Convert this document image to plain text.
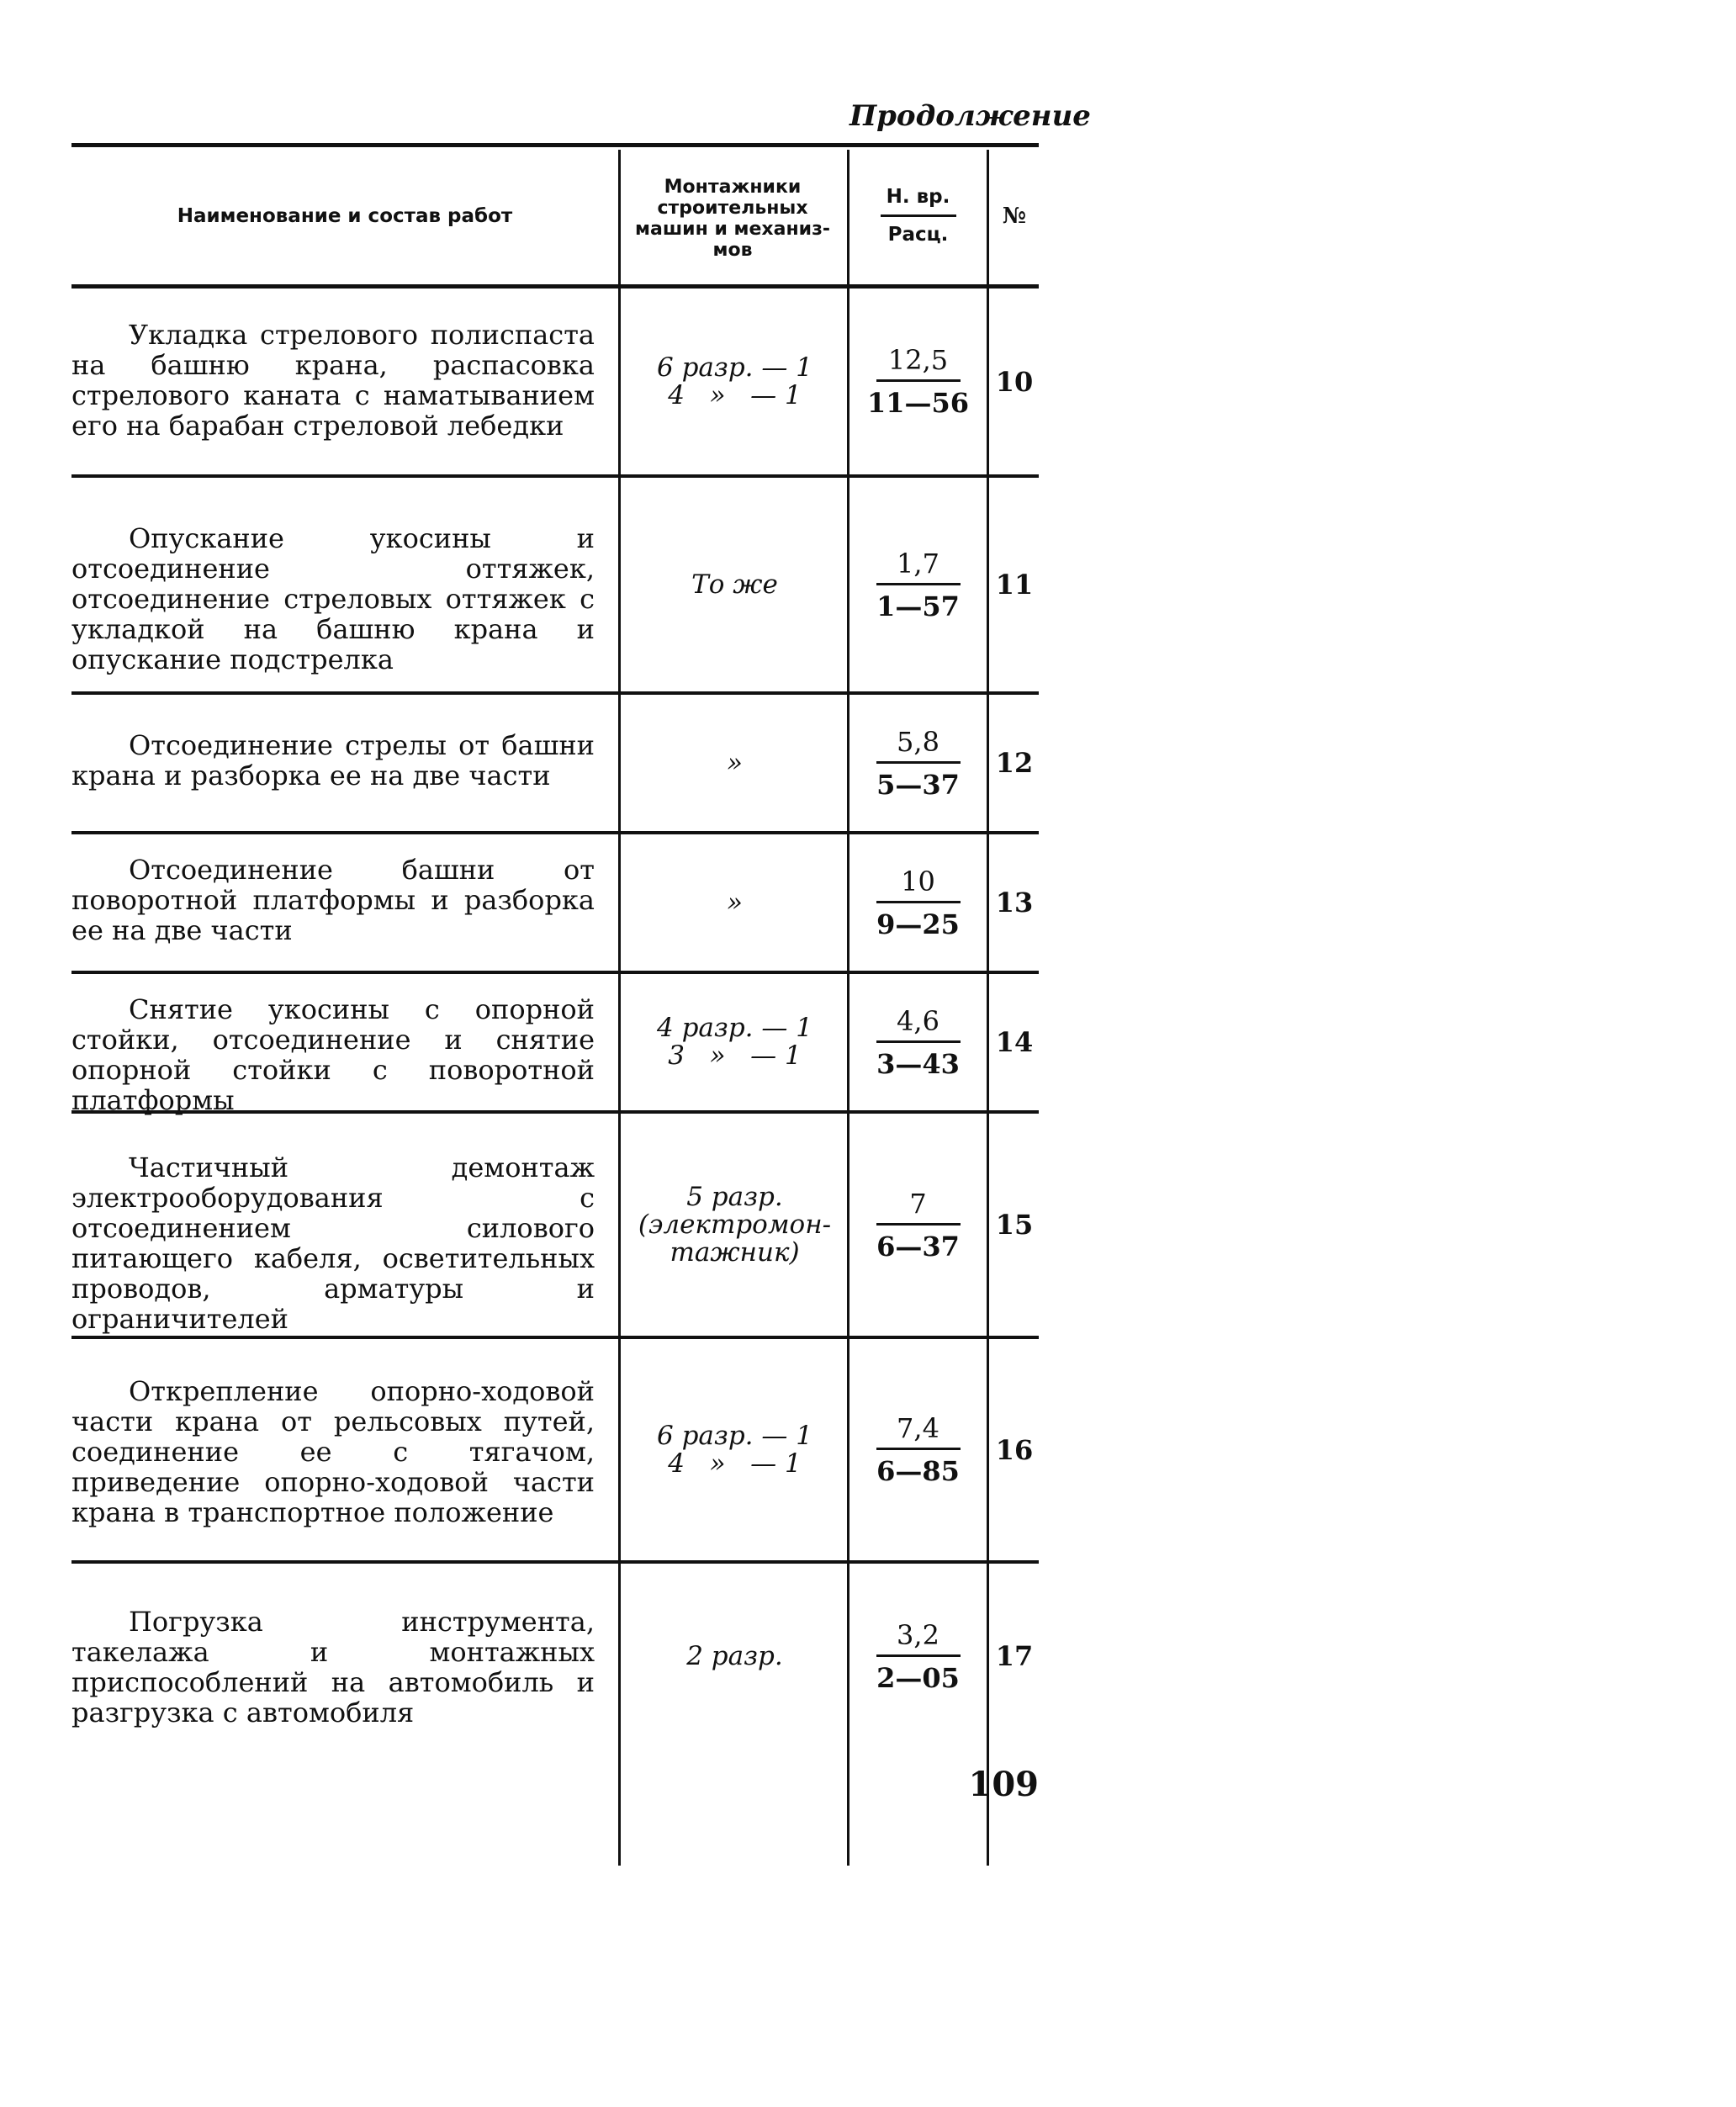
Продолжение
Наименование и состав работ
Монтажники строительных машин и механиз- мов
Н. вр.
Расц.
№
Укладка стрелового полиспаста на башню крана, распасовка стрелового каната с наматыванием его на барабан стреловой лебедки
6 разр. — 1
4   »   — 1
12,5
11—56
10
Опускание укосины и отсоединение оттяжек, отсоединение стреловых оттяжек с укладкой на башню крана и опускание подстрелка
То же
1,7
1—57
11
Отсоединение стрелы от башни крана и разборка ее на две части	»
5,8
5—37
12
Отсоединение башни от поворотной платформы и разборка ее на две части
»
10
9—25
13
Снятие укосины с опорной стойки, отсоединение и снятие опорной стойки с поворотной платформы
4 разр. — 1
3   »   — 1
4,6
3—43
14
Частичный демонтаж электрооборудования с отсоединением силового питающего кабеля, осветительных проводов, арматуры и ограничителей
5 разр.
(электромон-
тажник)
7
6—37
15
Открепление опорно-ходовой части крана от рельсовых путей, соединение ее с тягачом, приведение опорно-ходовой части крана в транспортное положение
6 разр. — 1
4   »   — 1
7,4
6—85
16
Погрузка инструмента, такелажа и монтажных приспособлений на автомобиль и разгрузка с автомобиля
2 разр.
3,2
2—05
17
109
